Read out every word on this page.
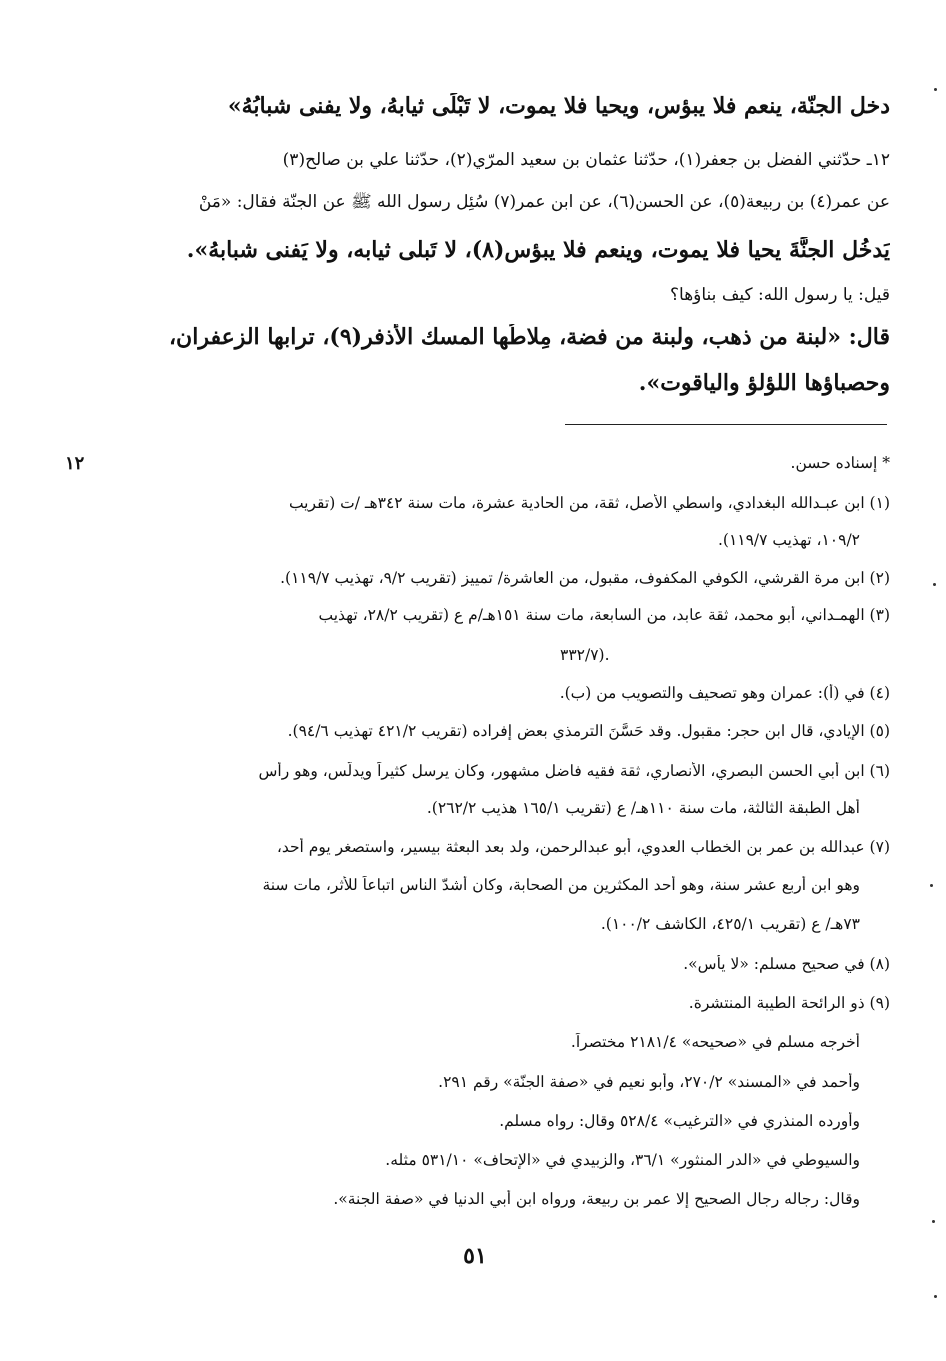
دخل الجنّة، ينعم فلا يبؤس، ويحيا فلا يموت، لا تَبْلَى ثيابهُ، ولا يفنى شبابُهُ»
١٢ـ حدّثني الفضل بن جعفر(١)، حدّثنا عثمان بن سعيد المرّي(٢)، حدّثنا علي بن صالح(٣)
عن عمر(٤) بن ربيعة(٥)، عن الحسن(٦)، عن ابن عمر(٧) سُئِل رسول الله ﷺ عن الجنّة فقال: «مَنْ
يَدخُل الجنَّةَ يحيا فلا يموت، وينعم فلا يبؤس(٨)، لا تَبلى ثيابه، ولا يَفنى شبابهُ».
قيل: يا رسول الله: كيف بناؤها؟
قال: «لبنة من ذهب، ولبنة من فضة، مِلاطُها المسك الأذفر(٩)، ترابها الزعفران،
وحصباؤها اللؤلؤ والياقوت».
١٢	* إسناده حسن.
(١) ابن عبـدالله البغدادي، واسطي الأصل، ثقة، من الحادية عشرة، مات سنة ٣٤٢هـ /ت (تقريب
١٠٩/٢، تهذيب ١١٩/٧).
(٢) ابن مرة القرشي، الكوفي المكفوف، مقبول، من العاشرة/ تمييز (تقريب ٩/٢، تهذيب ١١٩/٧).
(٣) الهمـداني، أبو محمد، ثقة عابد، من السابعة، مات سنة ١٥١هـ/م ع (تقريب ٢٨/٢، تهذيب
٣٣٢/٧).
(٤) في (أ): عمران وهو تصحيف والتصويب من (ب).
(٥) الإيادي، قال ابن حجر: مقبول. وقد حَسَّنَ الترمذي بعض إفراده (تقريب ٤٢١/٢ تهذيب ٩٤/٦).
(٦) ابن أبي الحسن البصري، الأنصاري، ثقة فقيه فاضل مشهور، وكان يرسل كثيراً ويدلّس، وهو رأس
أهل الطبقة الثالثة، مات سنة ١١٠هـ/ ع (تقريب ١٦٥/١ هذيب ٢٦٢/٢).
(٧) عبدالله بن عمر بن الخطاب العدوي، أبو عبدالرحمن، ولد بعد البعثة بيسير، واستصغر يوم أحد،
وهو ابن أربع عشر سنة، وهو أحد المكثرين من الصحابة، وكان أشدّ الناس اتباعاً للأثر، مات سنة
٧٣هـ/ ع (تقريب ٤٢٥/١، الكاشف ١٠٠/٢).
(٨) في صحيح مسلم: «لا يأس».
(٩) ذو الرائحة الطيبة المنتشرة.
أخرجه مسلم في «صحيحه» ٢١٨١/٤ مختصراً.
وأحمد في «المسند» ٢٧٠/٢، وأبو نعيم في «صفة الجنّة» رقم ٢٩١.
وأورده المنذري في «الترغيب» ٥٢٨/٤ وقال: رواه مسلم.
والسيوطي في «الدر المنثور» ٣٦/١، والزبيدي في «الإتحاف» ٥٣١/١٠ مثله.
وقال: رجاله رجال الصحيح إلا عمر بن ربيعة، ورواه ابن أبي الدنيا في «صفة الجنة».
٥١
